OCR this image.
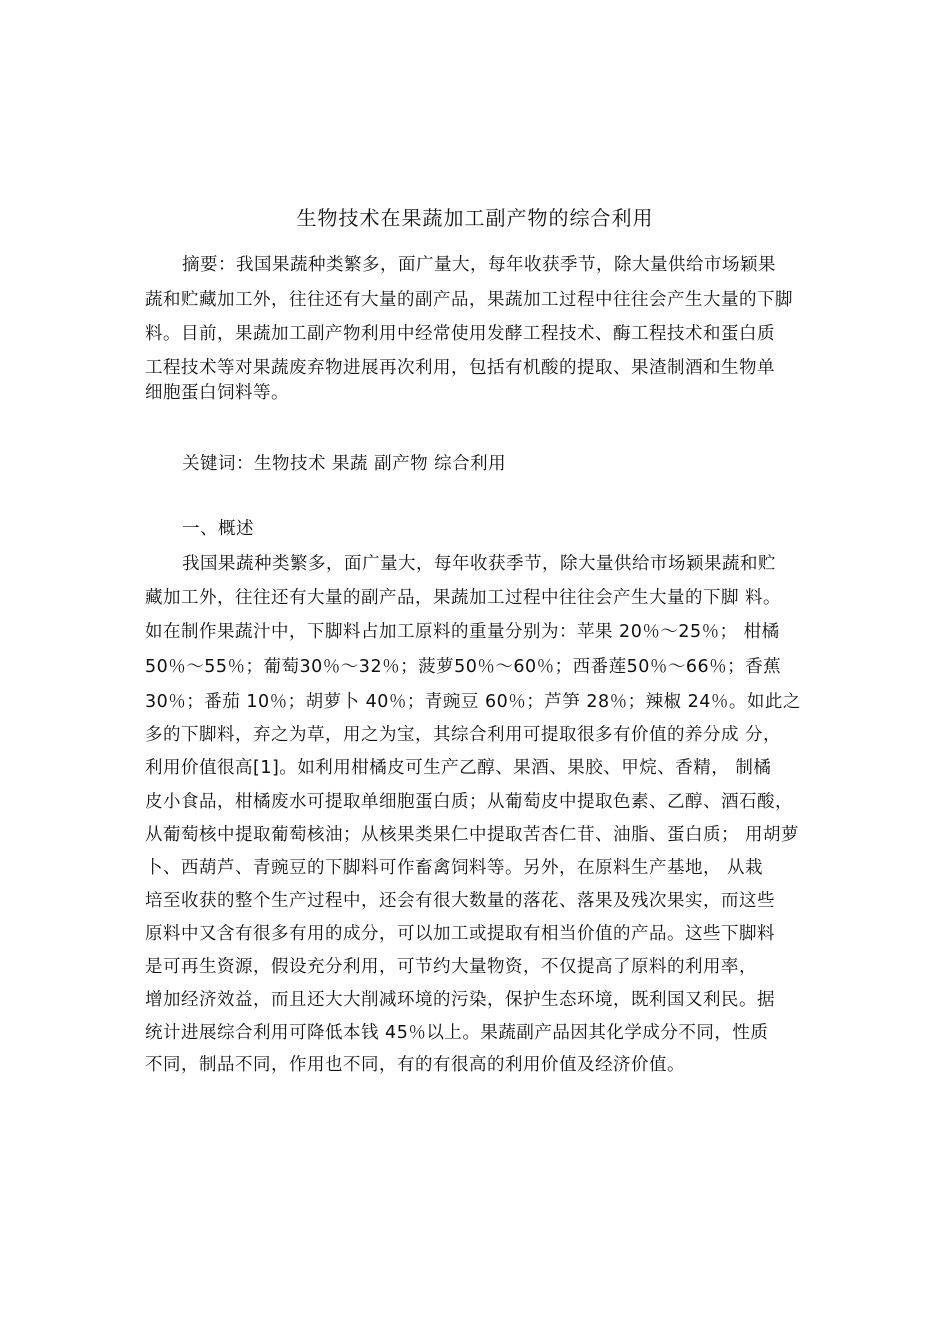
生物技术在果蔬加工副产物的综合利用
摘要：我国果蔬种类繁多，面广量大，每年收获季节，除大量供给市场颖果
蔬和贮藏加工外，往往还有大量的副产品，果蔬加工过程中往往会产生大量的下脚
料。目前，果蔬加工副产物利用中经常使用发酵工程技术、酶工程技术和蛋白质
工程技术等对果蔬废弃物进展再次利用，包括有机酸的提取、果渣制酒和生物单
细胞蛋白饲料等。
关键词：生物技术 果蔬 副产物 综合利用
一、概述
我国果蔬种类繁多，面广量大，每年收获季节，除大量供给市场颖果蔬和贮
藏加工外，往往还有大量的副产品，果蔬加工过程中往往会产生大量的下脚 料。
如在制作果蔬汁中，下脚料占加工原料的重量分别为：苹果 20％～25％； 柑橘
50％～55％；葡萄30％～32％；菠萝50％～60％；西番莲50％～66％；香蕉
30％；番茄 10％；胡萝卜 40％；青豌豆 60％；芦笋 28％；辣椒 24％。如此之
多的下脚料，弃之为草，用之为宝，其综合利用可提取很多有价值的养分成 分，
利用价值很高[1]。如利用柑橘皮可生产乙醇、果酒、果胶、甲烷、香精， 制橘
皮小食品，柑橘废水可提取单细胞蛋白质；从葡萄皮中提取色素、乙醇、酒石酸，
从葡萄核中提取葡萄核油；从核果类果仁中提取苦杏仁苷、油脂、蛋白质； 用胡萝
卜、西葫芦、青豌豆的下脚料可作畜禽饲料等。另外，在原料生产基地， 从栽
培至收获的整个生产过程中，还会有很大数量的落花、落果及残次果实，而这些
原料中又含有很多有用的成分，可以加工或提取有相当价值的产品。这些下脚料
是可再生资源，假设充分利用，可节约大量物资，不仅提高了原料的利用率，
增加经济效益，而且还大大削减环境的污染，保护生态环境，既利国又利民。据
统计进展综合利用可降低本钱 45％以上。果蔬副产品因其化学成分不同，性质
不同，制品不同，作用也不同，有的有很高的利用价值及经济价值。
